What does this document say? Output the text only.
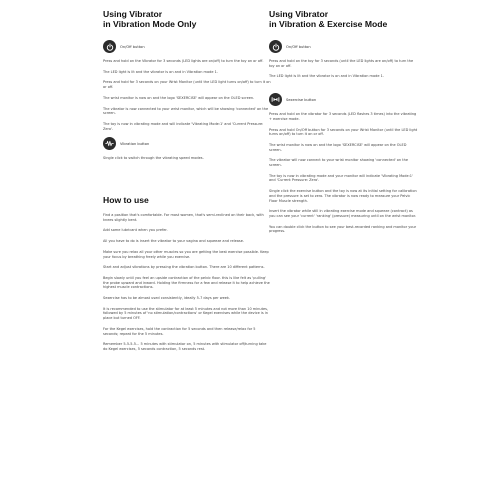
Using Vibrator
in Vibration Mode Only
On/Off button

Press and hold on the Vibrator for 3 seconds (LED lights are on/off) to turn the toy on or off.

The LED light is lit and the vibrator is on and in Vibration mode 1.

Press and hold for 3 seconds on your Wrist Monitor (until the LED light turns on/off) to turn it on or off.

The wrist monitor is now on and the logo 'SEXERCISE' will appear on the OLED screen.

The vibrator is now connected to your wrist monitor, which will be showing 'connected' on the screen.

The toy is now in vibrating mode and will indicate 'Vibrating Mode:1' and 'Current Pressure: Zero'.

Vibration button

Single click to switch through the vibrating speed modes.

How to use

Find a position that's comfortable. For most women, that's semi-reclined on their back, with knees slightly bent.

Add some lubricant when you prefer.

All you have to do is insert the vibrator to your vagina and squeeze and release.

Make sure you relax all your other muscles so you are getting the best exercise possible. Keep your focus by breathing freely while you exercise.

Start and adjust vibrations by pressing the vibration button. There are 10 different patterns.

Begin slowly until you feel an upside contraction of the pelvic floor. this is like felt as 'pulling' the probe upward and inward. Holding the firmness for a few and release it to help achieve the highest muscle contractions.

Sexercise has to be almost used consistently, ideally 5-7 days per week.

It is recommended to use the stimulator for at least 5 minutes and not more than 10 minutes, followed by 5 minutes of 'no stimulation/contractions' or Kegel exercises while the device is in place but turned OFF.

For the Kegel exercises, hold the contraction for 5 seconds and then release/relax for 5 seconds; repeat for the 5 minutes.

Remember 5-5-5-5... 5 minutes with stimulator on, 5 minutes with stimulator off/turning take do Kegel exercises, 5 seconds contraction, 5 seconds rest.

Using Vibrator
in Vibration & Exercise Mode
On/Off button

Press and hold on the toy for 3 seconds (until the LED lights are on/off) to turn the toy on or off.

The LED light is lit and the vibrator is on and in Vibration mode 1.

Sexercise button

Press and hold on the vibrator for 3 seconds (LED flashes 3 times) into the vibrating + exercise mode.

Press and hold On/Off button for 3 seconds on your Wrist Monitor (until the LED light turns on/off) to turn it on or off.

The wrist monitor is now on and the logo 'SEXERCISE' will appear on the OLED screen.

The vibrator will now connect to your wrist monitor showing 'connected' on the screen.

The toy is now in vibrating mode and your monitor will indicate 'Vibrating Mode:1' and 'Current Pressure: Zero'.

Single click the exercise button and the toy is now at its initial setting for calibration and the pressure is set to zero. The vibrator is now ready to measure your Pelvic Floor Muscle strength.

Insert the vibrator while still in vibrating exercise mode and squeeze (contract) as you can see your 'current' 'ranking' (pressure) measuring until on the wrist monitor.

You can double click the button to see your best-recorded ranking and monitor your progress.
